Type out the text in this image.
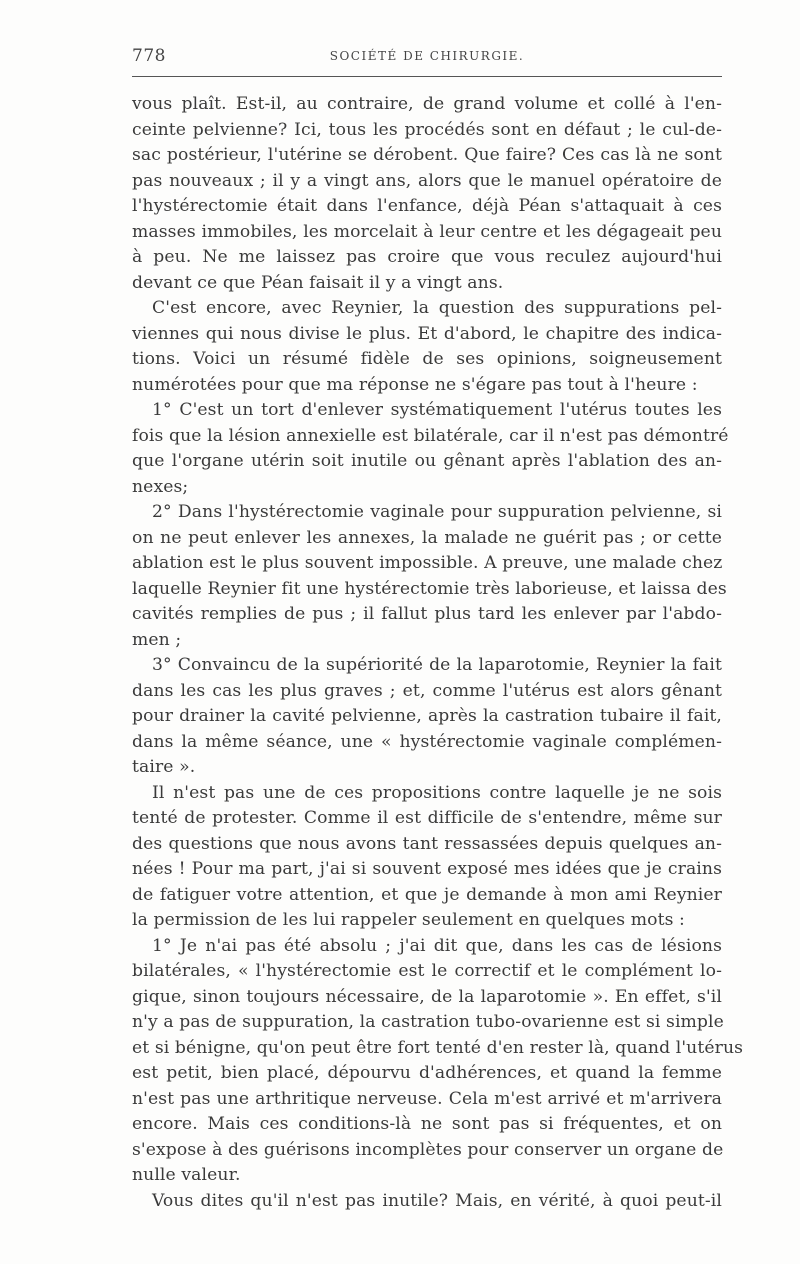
778	SOCIÉTÉ DE CHIRURGIE.
vous plaît. Est-il, au contraire, de grand volume et collé à l'en-
ceinte pelvienne? Ici, tous les procédés sont en défaut ; le cul-de-
sac postérieur, l'utérine se dérobent. Que faire? Ces cas là ne sont
pas nouveaux ; il y a vingt ans, alors que le manuel opératoire de
l'hystérectomie était dans l'enfance, déjà Péan s'attaquait à ces
masses immobiles, les morcelait à leur centre et les dégageait peu
à peu. Ne me laissez pas croire que vous reculez aujourd'hui
devant ce que Péan faisait il y a vingt ans.
C'est encore, avec Reynier, la question des suppurations pel-
viennes qui nous divise le plus. Et d'abord, le chapitre des indica-
tions. Voici un résumé fidèle de ses opinions, soigneusement
numérotées pour que ma réponse ne s'égare pas tout à l'heure :
1° C'est un tort d'enlever systématiquement l'utérus toutes les
fois que la lésion annexielle est bilatérale, car il n'est pas démontré
que l'organe utérin soit inutile ou gênant après l'ablation des an-
nexes;
2° Dans l'hystérectomie vaginale pour suppuration pelvienne, si
on ne peut enlever les annexes, la malade ne guérit pas ; or cette
ablation est le plus souvent impossible. A preuve, une malade chez
laquelle Reynier fit une hystérectomie très laborieuse, et laissa des
cavités remplies de pus ; il fallut plus tard les enlever par l'abdo-
men ;
3° Convaincu de la supériorité de la laparotomie, Reynier la fait
dans les cas les plus graves ; et, comme l'utérus est alors gênant
pour drainer la cavité pelvienne, après la castration tubaire il fait,
dans la même séance, une « hystérectomie vaginale complémen-
taire ».
Il n'est pas une de ces propositions contre laquelle je ne sois
tenté de protester. Comme il est difficile de s'entendre, même sur
des questions que nous avons tant ressassées depuis quelques an-
nées ! Pour ma part, j'ai si souvent exposé mes idées que je crains
de fatiguer votre attention, et que je demande à mon ami Reynier
la permission de les lui rappeler seulement en quelques mots :
1° Je n'ai pas été absolu ; j'ai dit que, dans les cas de lésions
bilatérales, « l'hystérectomie est le correctif et le complément lo-
gique, sinon toujours nécessaire, de la laparotomie ». En effet, s'il
n'y a pas de suppuration, la castration tubo-ovarienne est si simple
et si bénigne, qu'on peut être fort tenté d'en rester là, quand l'utérus
est petit, bien placé, dépourvu d'adhérences, et quand la femme
n'est pas une arthritique nerveuse. Cela m'est arrivé et m'arrivera
encore. Mais ces conditions-là ne sont pas si fréquentes, et on
s'expose à des guérisons incomplètes pour conserver un organe de
nulle valeur.
Vous dites qu'il n'est pas inutile? Mais, en vérité, à quoi peut-il
